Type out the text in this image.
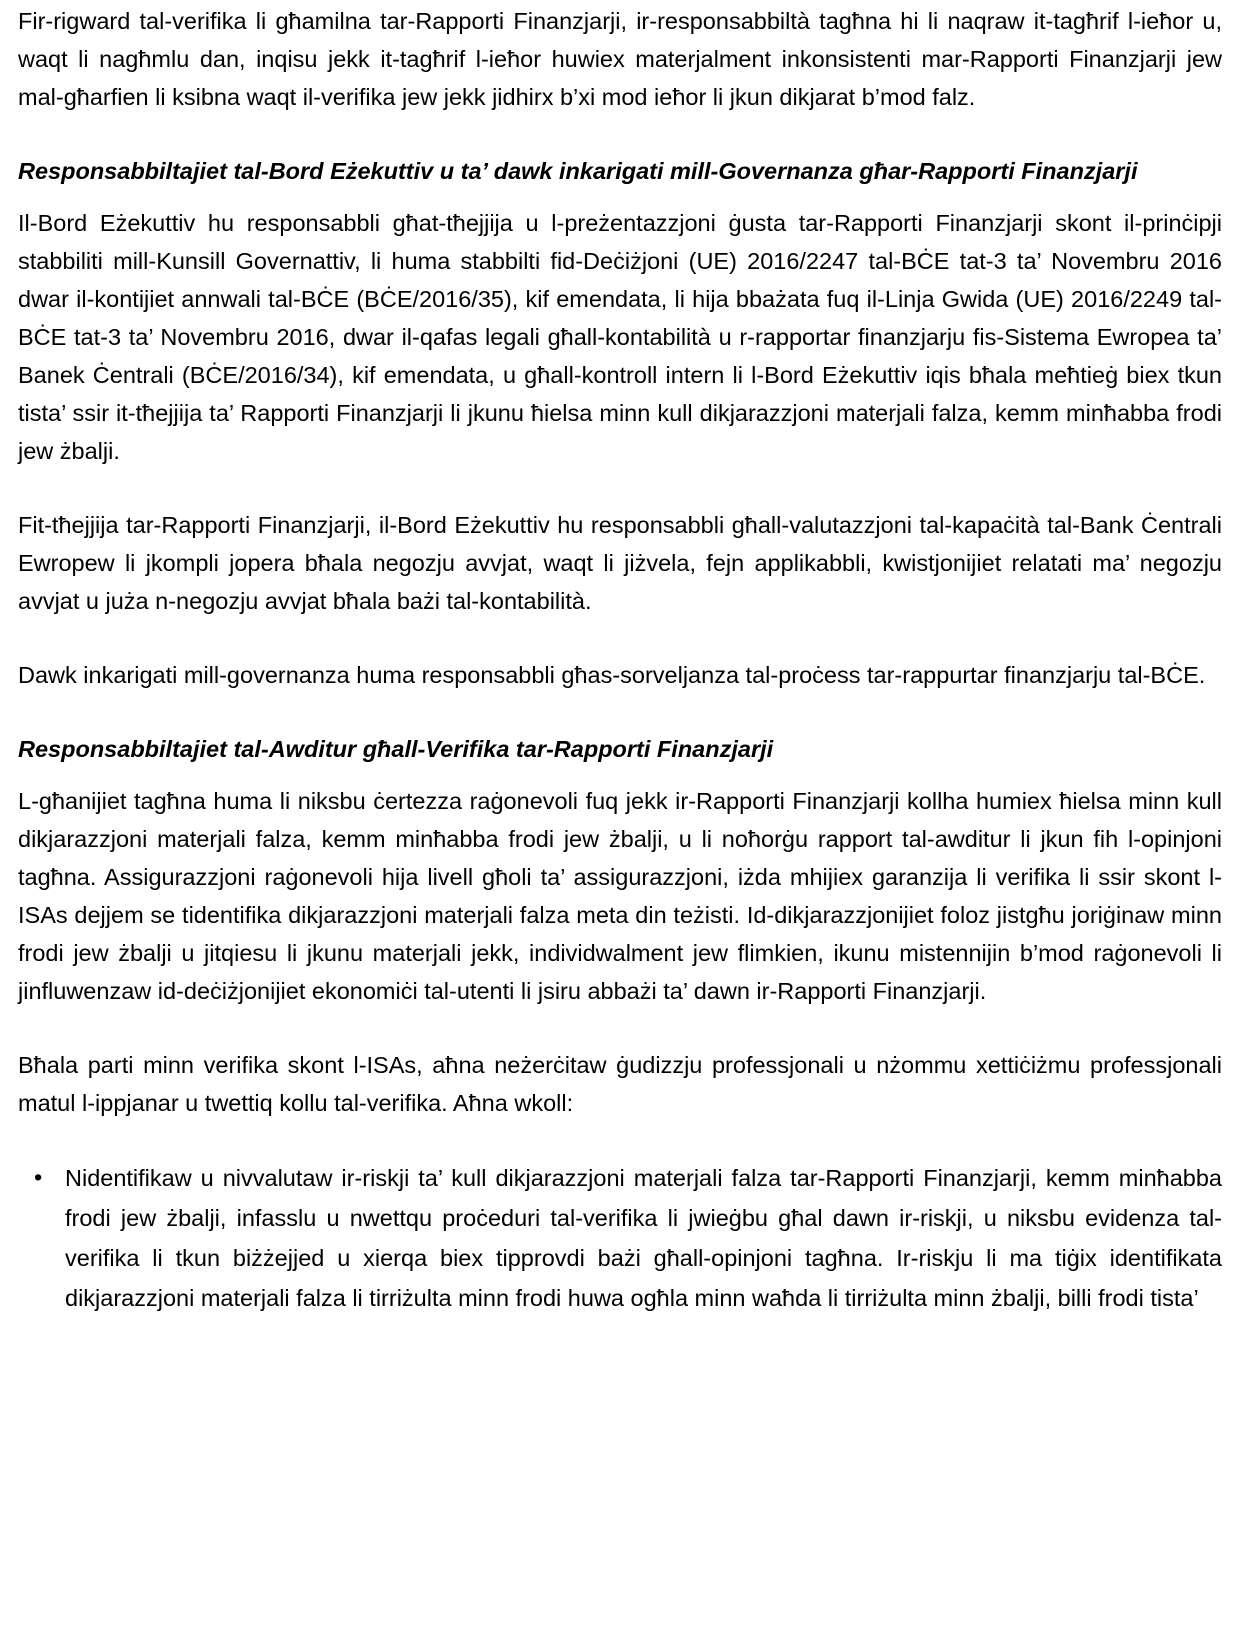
Fir-rigward tal-verifika li għamilna tar-Rapporti Finanzjarji, ir-responsabbiltà tagħna hi li naqraw it-tagħrif l-ieħor u, waqt li nagħmlu dan, inqisu jekk it-tagħrif l-ieħor huwiex materjalment inkonsistenti mar-Rapporti Finanzjarji jew mal-għarfien li ksibna waqt il-verifika jew jekk jidhirx b’xi mod ieħor li jkun dikjarat b’mod falz.

Responsabbiltajiet tal-Bord Eżekuttiv u ta’ dawk inkarigati mill-Governanza għar-Rapporti Finanzjarji

Il-Bord Eżekuttiv hu responsabbli għat-tħejjija u l-preżentazzjoni ġusta tar-Rapporti Finanzjarji skont il-prinċipji stabbiliti mill-Kunsill Governattiv, li huma stabbilti fid-Deċiżjoni (UE) 2016/2247 tal-BĊE tat-3 ta’ Novembru 2016 dwar il-kontijiet annwali tal-BĊE (BĊE/2016/35), kif emendata, li hija bbażata fuq il-Linja Gwida (UE) 2016/2249 tal-BĊE tat-3 ta’ Novembru 2016, dwar il-qafas legali għall-kontabilità u r-rapportar finanzjarju fis-Sistema Ewropea ta’ Banek Ċentrali (BĊE/2016/34), kif emendata, u għall-kontroll intern li l-Bord Eżekuttiv iqis bħala meħtieġ biex tkun tista’ ssir it-tħejjija ta’ Rapporti Finanzjarji li jkunu ħielsa minn kull dikjarazzjoni materjali falza, kemm minħabba frodi jew żbalji.

Fit-tħejjija tar-Rapporti Finanzjarji, il-Bord Eżekuttiv hu responsabbli għall-valutazzjoni tal-kapaċità tal-Bank Ċentrali Ewropew li jkompli jopera bħala negozju avvjat, waqt li jiżvela, fejn applikabbli, kwistjonijiet relatati ma’ negozju avvjat u juża n-negozju avvjat bħala bażi tal-kontabilità.

Dawk inkarigati mill-governanza huma responsabbli għas-sorveljanza tal-proċess tar-rappurtar finanzjarju tal-BĊE.

Responsabbiltajiet tal-Awditur għall-Verifika tar-Rapporti Finanzjarji

L-għanijiet tagħna huma li niksbu ċertezza raġonevoli fuq jekk ir-Rapporti Finanzjarji kollha humiex ħielsa minn kull dikjarazzjoni materjali falza, kemm minħabba frodi jew żbalji, u li noħorġu rapport tal-awditur li jkun fih l-opinjoni tagħna. Assigurazzjoni raġonevoli hija livell għoli ta’ assigurazzjoni, iżda mhijiex garanzija li verifika li ssir skont l-ISAs dejjem se tidentifika dikjarazzjoni materjali falza meta din teżisti. Id-dikjarazzjonijiet foloz jistgħu joriġinaw minn frodi jew żbalji u jitqiesu li jkunu materjali jekk, individwalment jew flimkien, ikunu mistennijin b’mod raġonevoli li jinfluwenzaw id-deċiżjonijiet ekonomiċi tal-utenti li jsiru abbażi ta’ dawn ir-Rapporti Finanzjarji.

Bħala parti minn verifika skont l-ISAs, aħna neżerċitaw ġudizzju professjonali u nżommu xettiċiżmu professjonali matul l-ippjanar u twettiq kollu tal-verifika. Aħna wkoll:

• Nidentifikaw u nivvalutaw ir-riskji ta’ kull dikjarazzjoni materjali falza tar-Rapporti Finanzjarji, kemm minħabba frodi jew żbalji, infasslu u nwettqu proċeduri tal-verifika li jwieġbu għal dawn ir-riskji, u niksbu evidenza tal-verifika li tkun biżżejjed u xierqa biex tipprovdi bażi għall-opinjoni tagħna. Ir-riskju li ma tiġix identifikata dikjarazzjoni materjali falza li tirriżulta minn frodi huwa ogħla minn waħda li tirriżulta minn żbalji, billi frodi tista’
